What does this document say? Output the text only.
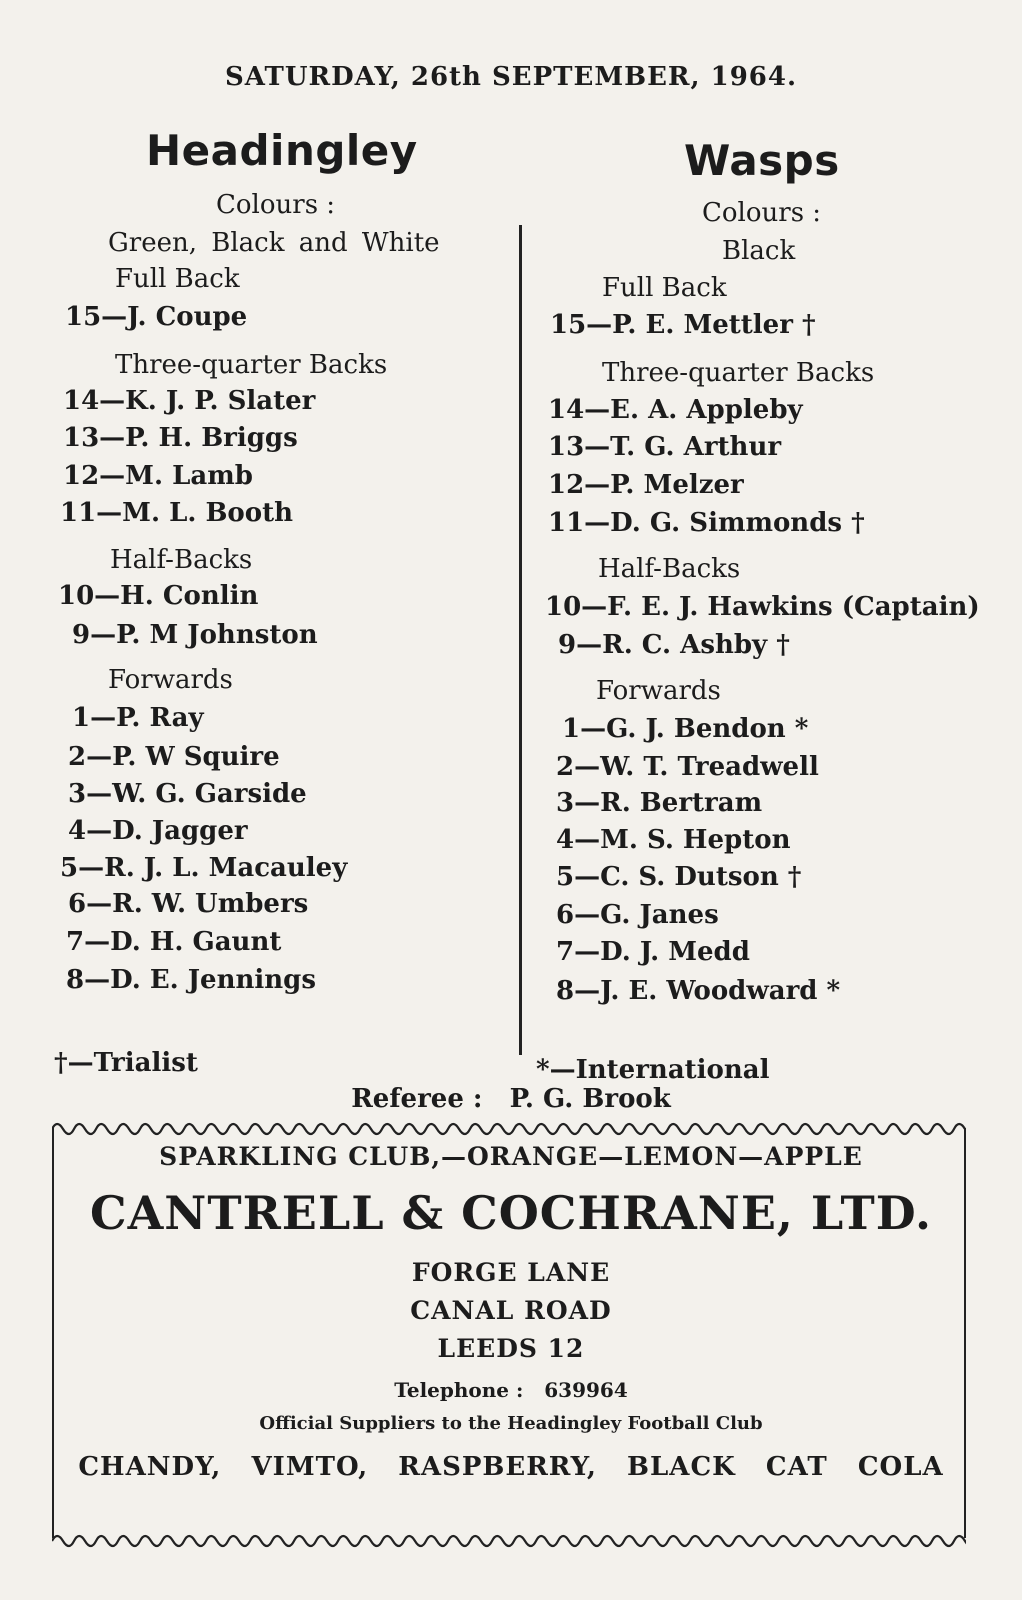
SATURDAY, 26th SEPTEMBER, 1964.
Headingley
Colours :
Green, Black and White
Full Back
15—J. Coupe
Three-quarter Backs
14—K. J. P. Slater
13—P. H. Briggs
12—M. Lamb
11—M. L. Booth
Half-Backs
10—H. Conlin
9—P. M Johnston
Forwards
1—P. Ray
2—P. W Squire
3—W. G. Garside
4—D. Jagger
5—R. J. L. Macauley
6—R. W. Umbers
7—D. H. Gaunt
8—D. E. Jennings
Wasps
Colours :
Black
Full Back
15—P. E. Mettler †
Three-quarter Backs
14—E. A. Appleby
13—T. G. Arthur
12—P. Melzer
11—D. G. Simmonds †
Half-Backs
10—F. E. J. Hawkins (Captain)
9—R. C. Ashby †
Forwards
1—G. J. Bendon *
2—W. T. Treadwell
3—R. Bertram
4—M. S. Hepton
5—C. S. Dutson †
6—G. Janes
7—D. J. Medd
8—J. E. Woodward *
†—Trialist	*—International
Referee :   P. G. Brook
SPARKLING CLUB,—ORANGE—LEMON—APPLE
CANTRELL & COCHRANE, LTD.
FORGE LANE
CANAL ROAD
LEEDS 12
Telephone :   639964
Official Suppliers to the Headingley Football Club
CHANDY,   VIMTO,   RASPBERRY,   BLACK   CAT   COLA
